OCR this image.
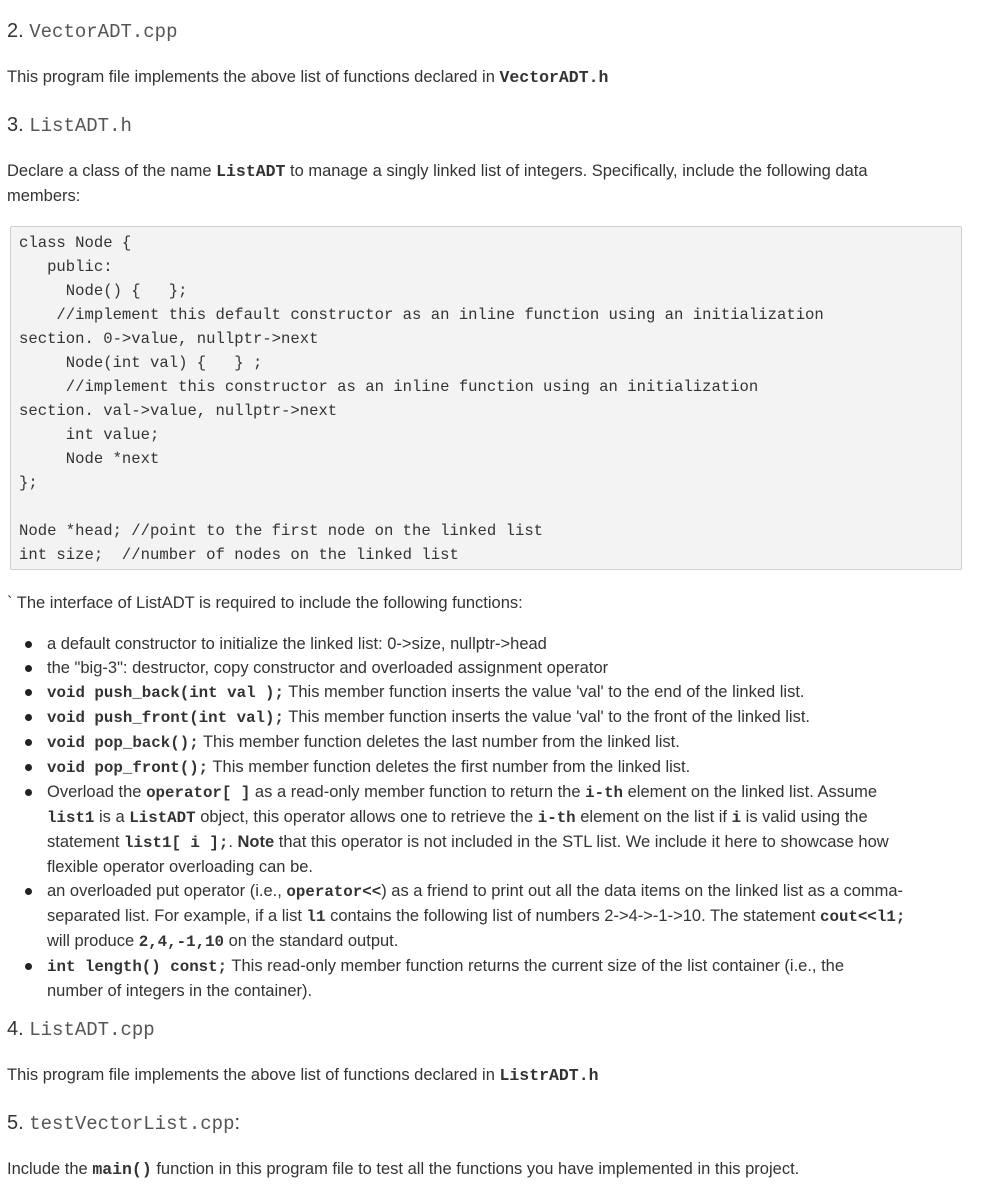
2. VectorADT.cpp
This program file implements the above list of functions declared in VectorADT.h
3. ListADT.h
Declare a class of the name ListADT to manage a singly linked list of integers. Specifically, include the following data
members:
class Node {
public:
Node() {   };
//implement this default constructor as an inline function using an initialization
section. 0->value, nullptr->next
Node(int val) {   } ;
//implement this constructor as an inline function using an initialization
section. val->value, nullptr->next
int value;
Node *next
};

Node *head; //point to the first node on the linked list
int size;  //number of nodes on the linked list
` The interface of ListADT is required to include the following functions:
a default constructor to initialize the linked list: 0->size, nullptr->head
the "big-3": destructor, copy constructor and overloaded assignment operator
void push_back(int val ); This member function inserts the value 'val' to the end of the linked list.
void push_front(int val); This member function inserts the value 'val' to the front of the linked list.
void pop_back(); This member function deletes the last number from the linked list.
void pop_front(); This member function deletes the first number from the linked list.
Overload the operator[ ] as a read-only member function to return the i-th element on the linked list. Assume
list1 is a ListADT object, this operator allows one to retrieve the i-th element on the list if i is valid using the
statement list1[ i ];. Note that this operator is not included in the STL list. We include it here to showcase how
flexible operator overloading can be.
an overloaded put operator (i.e., operator<<) as a friend to print out all the data items on the linked list as a comma-
separated list. For example, if a list l1 contains the following list of numbers 2->4->-1->10. The statement cout<<l1;
will produce 2,4,-1,10 on the standard output.
int length() const; This read-only member function returns the current size of the list container (i.e., the
number of integers in the container).
4. ListADT.cpp
This program file implements the above list of functions declared in ListrADT.h
5. testVectorList.cpp:
Include the main() function in this program file to test all the functions you have implemented in this project.
